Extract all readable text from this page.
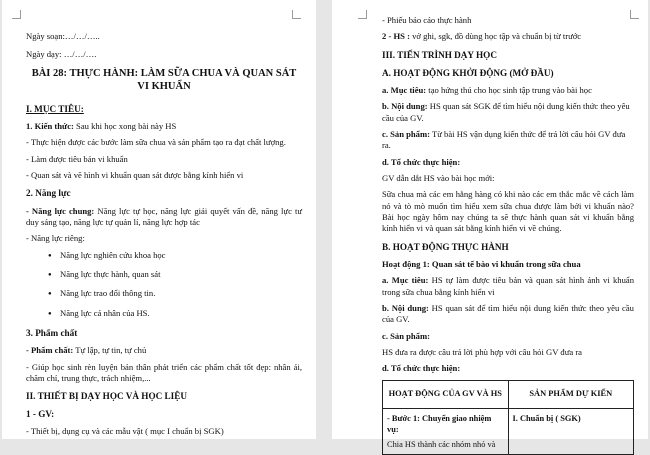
Ngày soạn:…/…/…..

Ngày dạy: …/…/….

BÀI 28: THỰC HÀNH: LÀM SỮA CHUA VÀ QUAN SÁT VI KHUẨN
I. MỤC TIÊU:

1. Kiến thức: Sau khi học xong bài này HS

- Thực hiện được các bước làm sữa chua và sản phẩm tạo ra đạt chất lượng.

- Làm được tiêu bản vi khuẩn

- Quan sát và vẽ hình vi khuẩn quan sát được bằng kính hiển vi

2. Năng lực

- Năng lực chung: Năng lực tự học, năng lực giải quyết vấn đề, năng lực tư duy sáng tạo, năng lực tự quản lí, năng lực hợp tác

- Năng lực riêng:

● Năng lực nghiên cứu khoa học
● Năng lực thực hành, quan sát
● Năng lực trao đổi thông tin.
● Năng lực cá nhân của HS.
3. Phẩm chất

- Phẩm chất: Tự lập, tự tin, tự chủ

- Giúp học sinh rèn luyện bản thân phát triển các phẩm chất tốt đẹp: nhân ái, chăm chỉ, trung thực, trách nhiệm,...

II. THIẾT BỊ DẠY HỌC VÀ HỌC LIỆU
1 - GV:

- Thiết bị, dụng cụ và các mẫu vật ( mục I chuẩn bị SGK)

- Phiếu báo cáo thực hành

2 - HS : vở ghi, sgk, đồ dùng học tập và chuẩn bị từ trước

III. TIẾN TRÌNH DẠY HỌC
A. HOẠT ĐỘNG KHỞI ĐỘNG (MỞ ĐẦU)

a. Mục tiêu: tạo hứng thú cho học sinh tập trung vào bài học

b. Nội dung: HS quan sát SGK để tìm hiểu nội dung kiến thức theo yêu cầu của GV.

c. Sản phẩm: Từ bài HS vận dụng kiến thức để trả lời câu hỏi GV đưa ra.

d. Tổ chức thực hiện:

GV dẫn dắt HS vào bài học mới:

Sữa chua mà các em hằng hàng có khi nào các em thắc mắc về cách làm nó và tò mò muốn tìm hiểu xem sữa chua được làm bởi vi khuẩn nào? Bài học ngày hôm nay chúng ta sẽ thực hành quan sát vi khuẩn bằng kính hiển vi và quan sát bằng kính hiển vi về chúng.

B. HOẠT ĐỘNG THỰC HÀNH

Hoạt động 1: Quan sát tế bào vi khuẩn trong sữa chua

a. Mục tiêu: HS tự làm được tiêu bản và quan sát hình ảnh vi khuẩn trong sữa chua bằng kính hiển vi

b. Nội dung: HS quan sát để tìm hiểu nội dung kiến thức theo yêu cầu của GV.

c. Sản phẩm:

HS đưa ra được câu trả lời phù hợp với câu hỏi GV đưa ra

d. Tổ chức thực hiện:

HOẠT ĐỘNG CỦA GV VÀ HS	SẢN PHẨM DỰ KIẾN

- Bước 1: Chuyển giao nhiệm vụ:
Chia HS thành các nhóm nhỏ và	I. Chuẩn bị ( SGK)
